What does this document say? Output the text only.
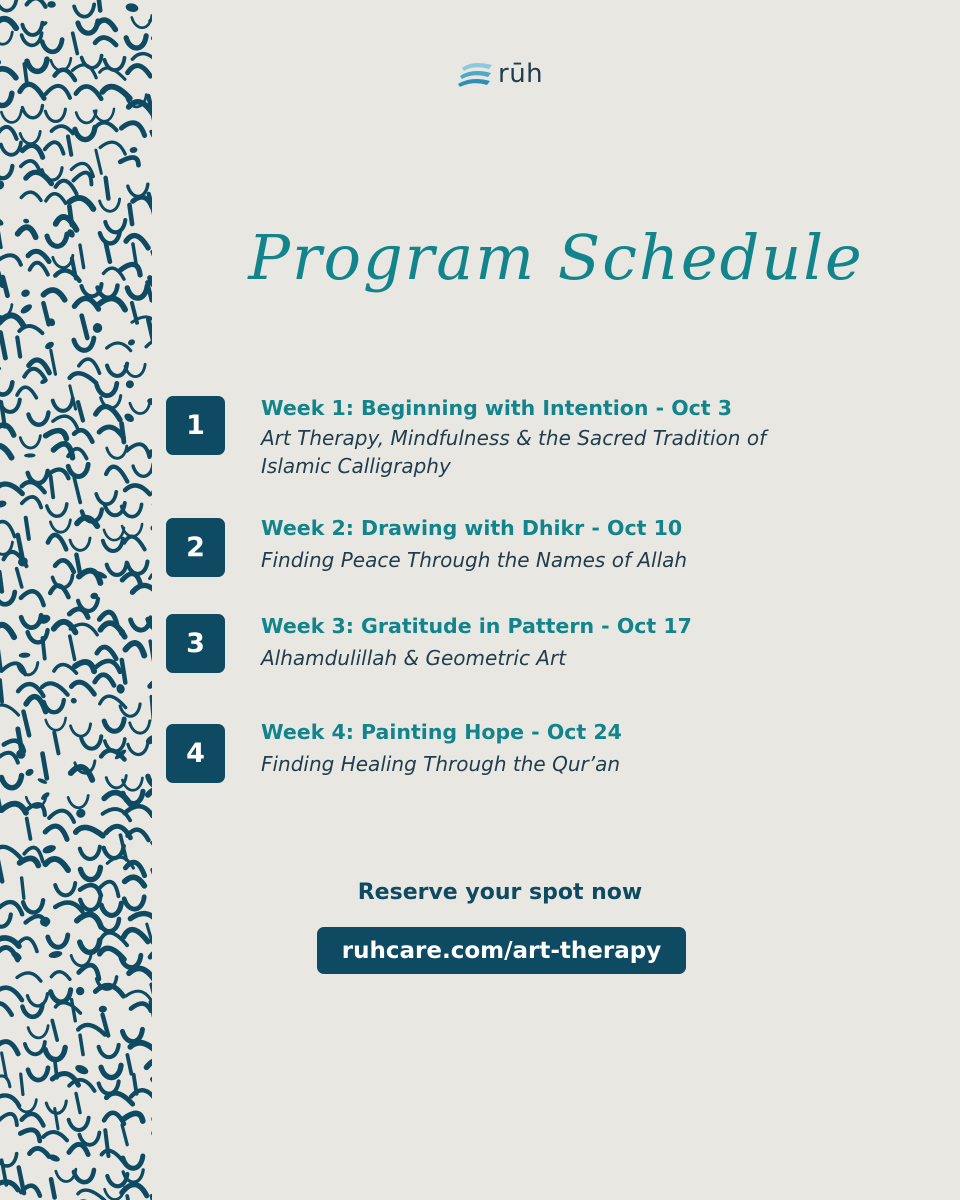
rūh
Program Schedule
1
Week 1: Beginning with Intention - Oct 3
Art Therapy, Mindfulness & the Sacred Tradition of Islamic Calligraphy
2
Week 2: Drawing with Dhikr - Oct 10
Finding Peace Through the Names of Allah
3
Week 3: Gratitude in Pattern - Oct 17
Alhamdulillah & Geometric Art
4
Week 4: Painting Hope - Oct 24
Finding Healing Through the Qur’an
Reserve your spot now
ruhcare.com/art-therapy
